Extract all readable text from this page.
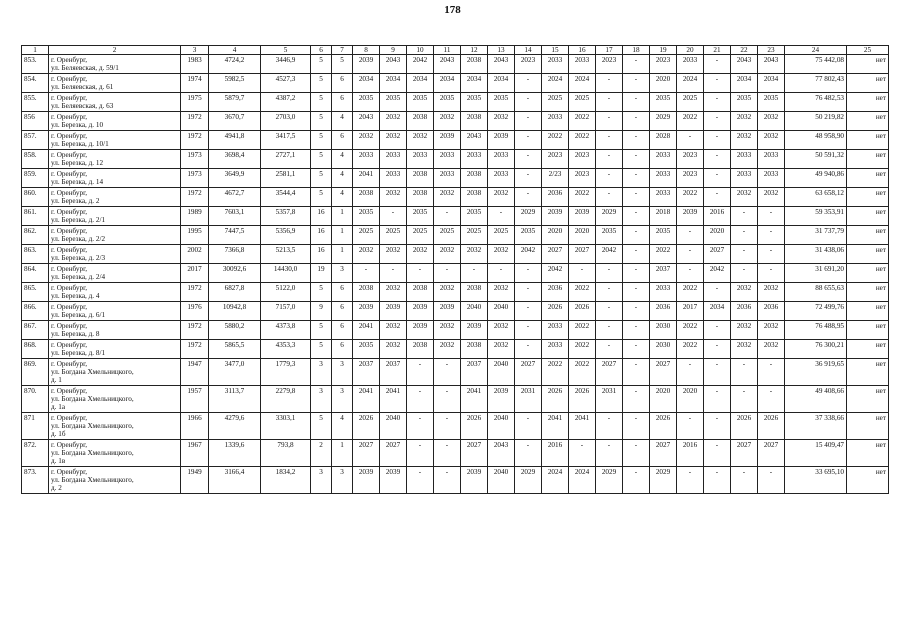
178
1	2	3	4	5	6	7	8	9	10	11	12	13	14	15	16	17	18	19	20	21	22	23	24	25
853.	г. Оренбург,
ул. Беляевская, д. 59/1	1983	4724,2	3446,9	5	5	2039	2043	2042	2043	2038	2043	2023	2033	2033	2023	-	2023	2033	-	2043	2043	75 442,08	нет
854.	г. Оренбург,
ул. Беляевская, д. 61	1974	5982,5	4527,3	5	6	2034	2034	2034	2034	2034	2034	-	2024	2024	-	-	2020	2024	-	2034	2034	77 802,43	нет
855.	г. Оренбург,
ул. Беляевская, д. 63	1975	5879,7	4387,2	5	6	2035	2035	2035	2035	2035	2035	-	2025	2025	-	-	2035	2025	-	2035	2035	76 482,53	нет
856	г. Оренбург,
ул. Березка, д. 10	1972	3670,7	2703,0	5	4	2043	2032	2038	2032	2038	2032	-	2033	2022	-	-	2029	2022	-	2032	2032	50 219,82	нет
857.	г. Оренбург,
ул. Березка, д. 10/1	1972	4941,8	3417,5	5	6	2032	2032	2032	2039	2043	2039	-	2022	2022	-	-	2028	-	-	2032	2032	48 958,90	нет
858.	г. Оренбург,
ул. Березка, д. 12	1973	3698,4	2727,1	5	4	2033	2033	2033	2033	2033	2033	-	2023	2023	-	-	2033	2023	-	2033	2033	50 591,32	нет
859.	г. Оренбург,
ул. Березка, д. 14	1973	3649,9	2581,1	5	4	2041	2033	2038	2033	2038	2033	-	2/23	2023	-	-	2033	2023	-	2033	2033	49 940,86	нет
860.	г. Оренбург,
ул. Березка, д. 2	1972	4672,7	3544,4	5	4	2038	2032	2038	2032	2038	2032	-	2036	2022	-	-	2033	2022	-	2032	2032	63 658,12	нет
861.	г. Оренбург,
ул. Березка, д. 2/1	1989	7603,1	5357,8	16	1	2035	-	2035	-	2035	-	2029	2039	2039	2029	-	2018	2039	2016	-	-	59 353,91	нет
862.	г. Оренбург,
ул. Березка, д. 2/2	1995	7447,5	5356,9	16	1	2025	2025	2025	2025	2025	2025	2035	2020	2020	2035	-	2035	-	2020	-	-	31 737,79	нет
863.	г. Оренбург,
ул. Березка, д. 2/3	2002	7366,8	5213,5	16	1	2032	2032	2032	2032	2032	2032	2042	2027	2027	2042	-	2022	-	2027	-	-	31 438,06	нет
864.	г. Оренбург,
ул. Березка, д. 2/4	2017	30092,6	14430,0	19	3	-	-	-	-	-	-	-	2042	-	-	-	2037	-	2042	-	-	31 691,20	нет
865.	г. Оренбург,
ул. Березка, д. 4	1972	6827,8	5122,0	5	6	2038	2032	2038	2032	2038	2032	-	2036	2022	-	-	2033	2022	-	2032	2032	88 655,63	нет
866.	г. Оренбург,
ул. Березка, д. 6/1	1976	10942,8	7157,0	9	6	2039	2039	2039	2039	2040	2040	-	2026	2026	-	-	2036	2017	2034	2036	2036	72 499,76	нет
867.	г. Оренбург,
ул. Березка, д. 8	1972	5880,2	4373,8	5	6	2041	2032	2039	2032	2039	2032	-	2033	2022	-	-	2030	2022	-	2032	2032	76 488,95	нет
868.	г. Оренбург,
ул. Березка, д. 8/1	1972	5865,5	4353,3	5	6	2035	2032	2038	2032	2038	2032	-	2033	2022	-	-	2030	2022	-	2032	2032	76 300,21	нет
869.	г. Оренбург,
ул. Богдана Хмельницкого,
д. 1	1947	3477,0	1779,3	3	3	2037	2037	-	-	2037	2040	2027	2022	2022	2027	-	2027	-	-	-	-	36 919,65	нет
870.	г. Оренбург,
ул. Богдана Хмельницкого,
д. 1а	1957	3113,7	2279,8	3	3	2041	2041	-	-	2041	2039	2031	2026	2026	2031	-	2020	2020	-	-	-	49 408,66	нет
871	г. Оренбург,
ул. Богдана Хмельницкого,
д. 1б	1966	4279,6	3303,1	5	4	2026	2040	-	-	2026	2040	-	2041	2041	-	-	2026	-	-	2026	2026	37 338,66	нет
872.	г. Оренбург,
ул. Богдана Хмельницкого,
д. 1в	1967	1339,6	793,8	2	1	2027	2027	-	-	2027	2043	-	2016	-	-	-	2027	2016	-	2027	2027	15 409,47	нет
873.	г. Оренбург,
ул. Богдана Хмельницкого,
д. 2	1949	3166,4	1834,2	3	3	2039	2039	-	-	2039	2040	2029	2024	2024	2029	-	2029	-	-	-	-	33 695,10	нет
